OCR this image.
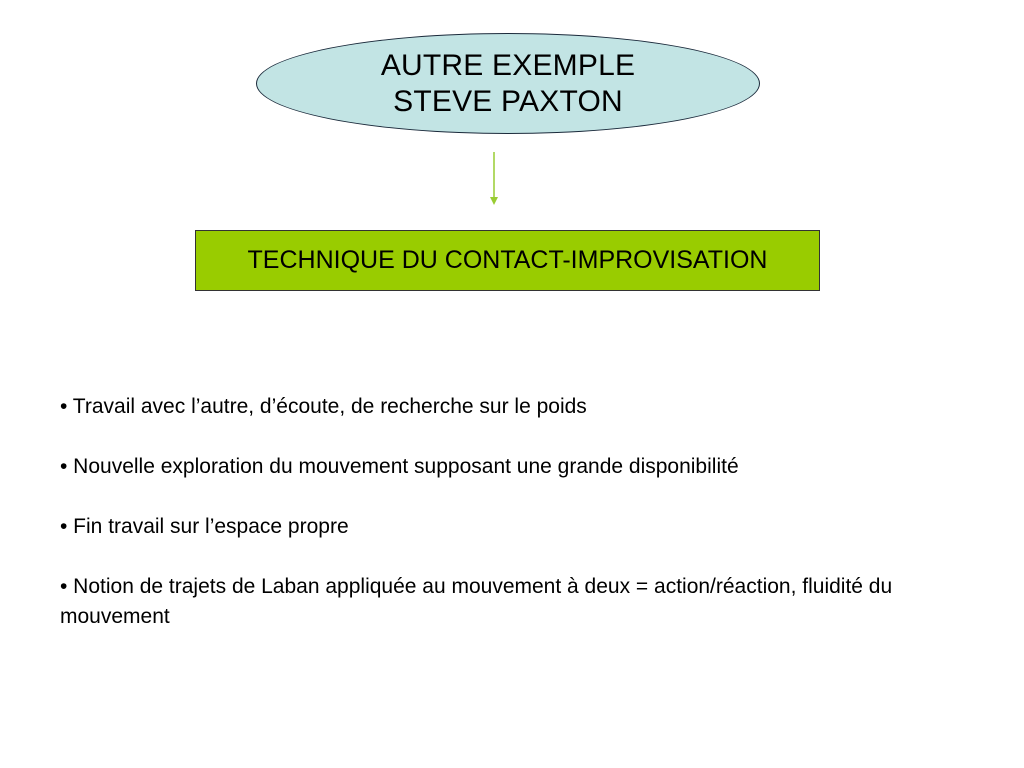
AUTRE EXEMPLE
STEVE PAXTON
TECHNIQUE DU CONTACT-IMPROVISATION
• Travail avec l’autre, d’écoute, de recherche sur le poids
• Nouvelle exploration du mouvement supposant une grande disponibilité
• Fin travail sur l’espace propre
• Notion de trajets de Laban appliquée au mouvement à deux = action/réaction, fluidité du mouvement
